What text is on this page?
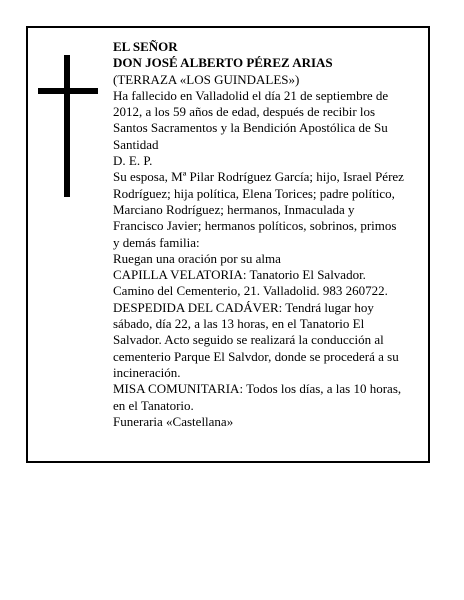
EL SEÑOR
DON JOSÉ ALBERTO PÉREZ ARIAS
(TERRAZA «LOS GUINDALES»)
Ha fallecido en Valladolid el día 21 de septiembre de
2012, a los 59 años de edad, después de recibir los
Santos Sacramentos y la Bendición Apostólica de Su
Santidad
D. E. P.
Su esposa, Mª Pilar Rodríguez García; hijo, Israel Pérez
Rodríguez; hija política, Elena Torices; padre político,
Marciano Rodríguez; hermanos, Inmaculada y
Francisco Javier; hermanos políticos, sobrinos, primos
y demás familia:
Ruegan una oración por su alma
CAPILLA VELATORIA: Tanatorio El Salvador.
Camino del Cementerio, 21. Valladolid. 983 260722.
DESPEDIDA DEL CADÁVER: Tendrá lugar hoy
sábado, día 22, a las 13 horas, en el Tanatorio El
Salvador. Acto seguido se realizará la conducción al
cementerio Parque El Salvdor, donde se procederá a su
incineración.
MISA COMUNITARIA: Todos los días, a las 10 horas,
en el Tanatorio.
Funeraria «Castellana»
